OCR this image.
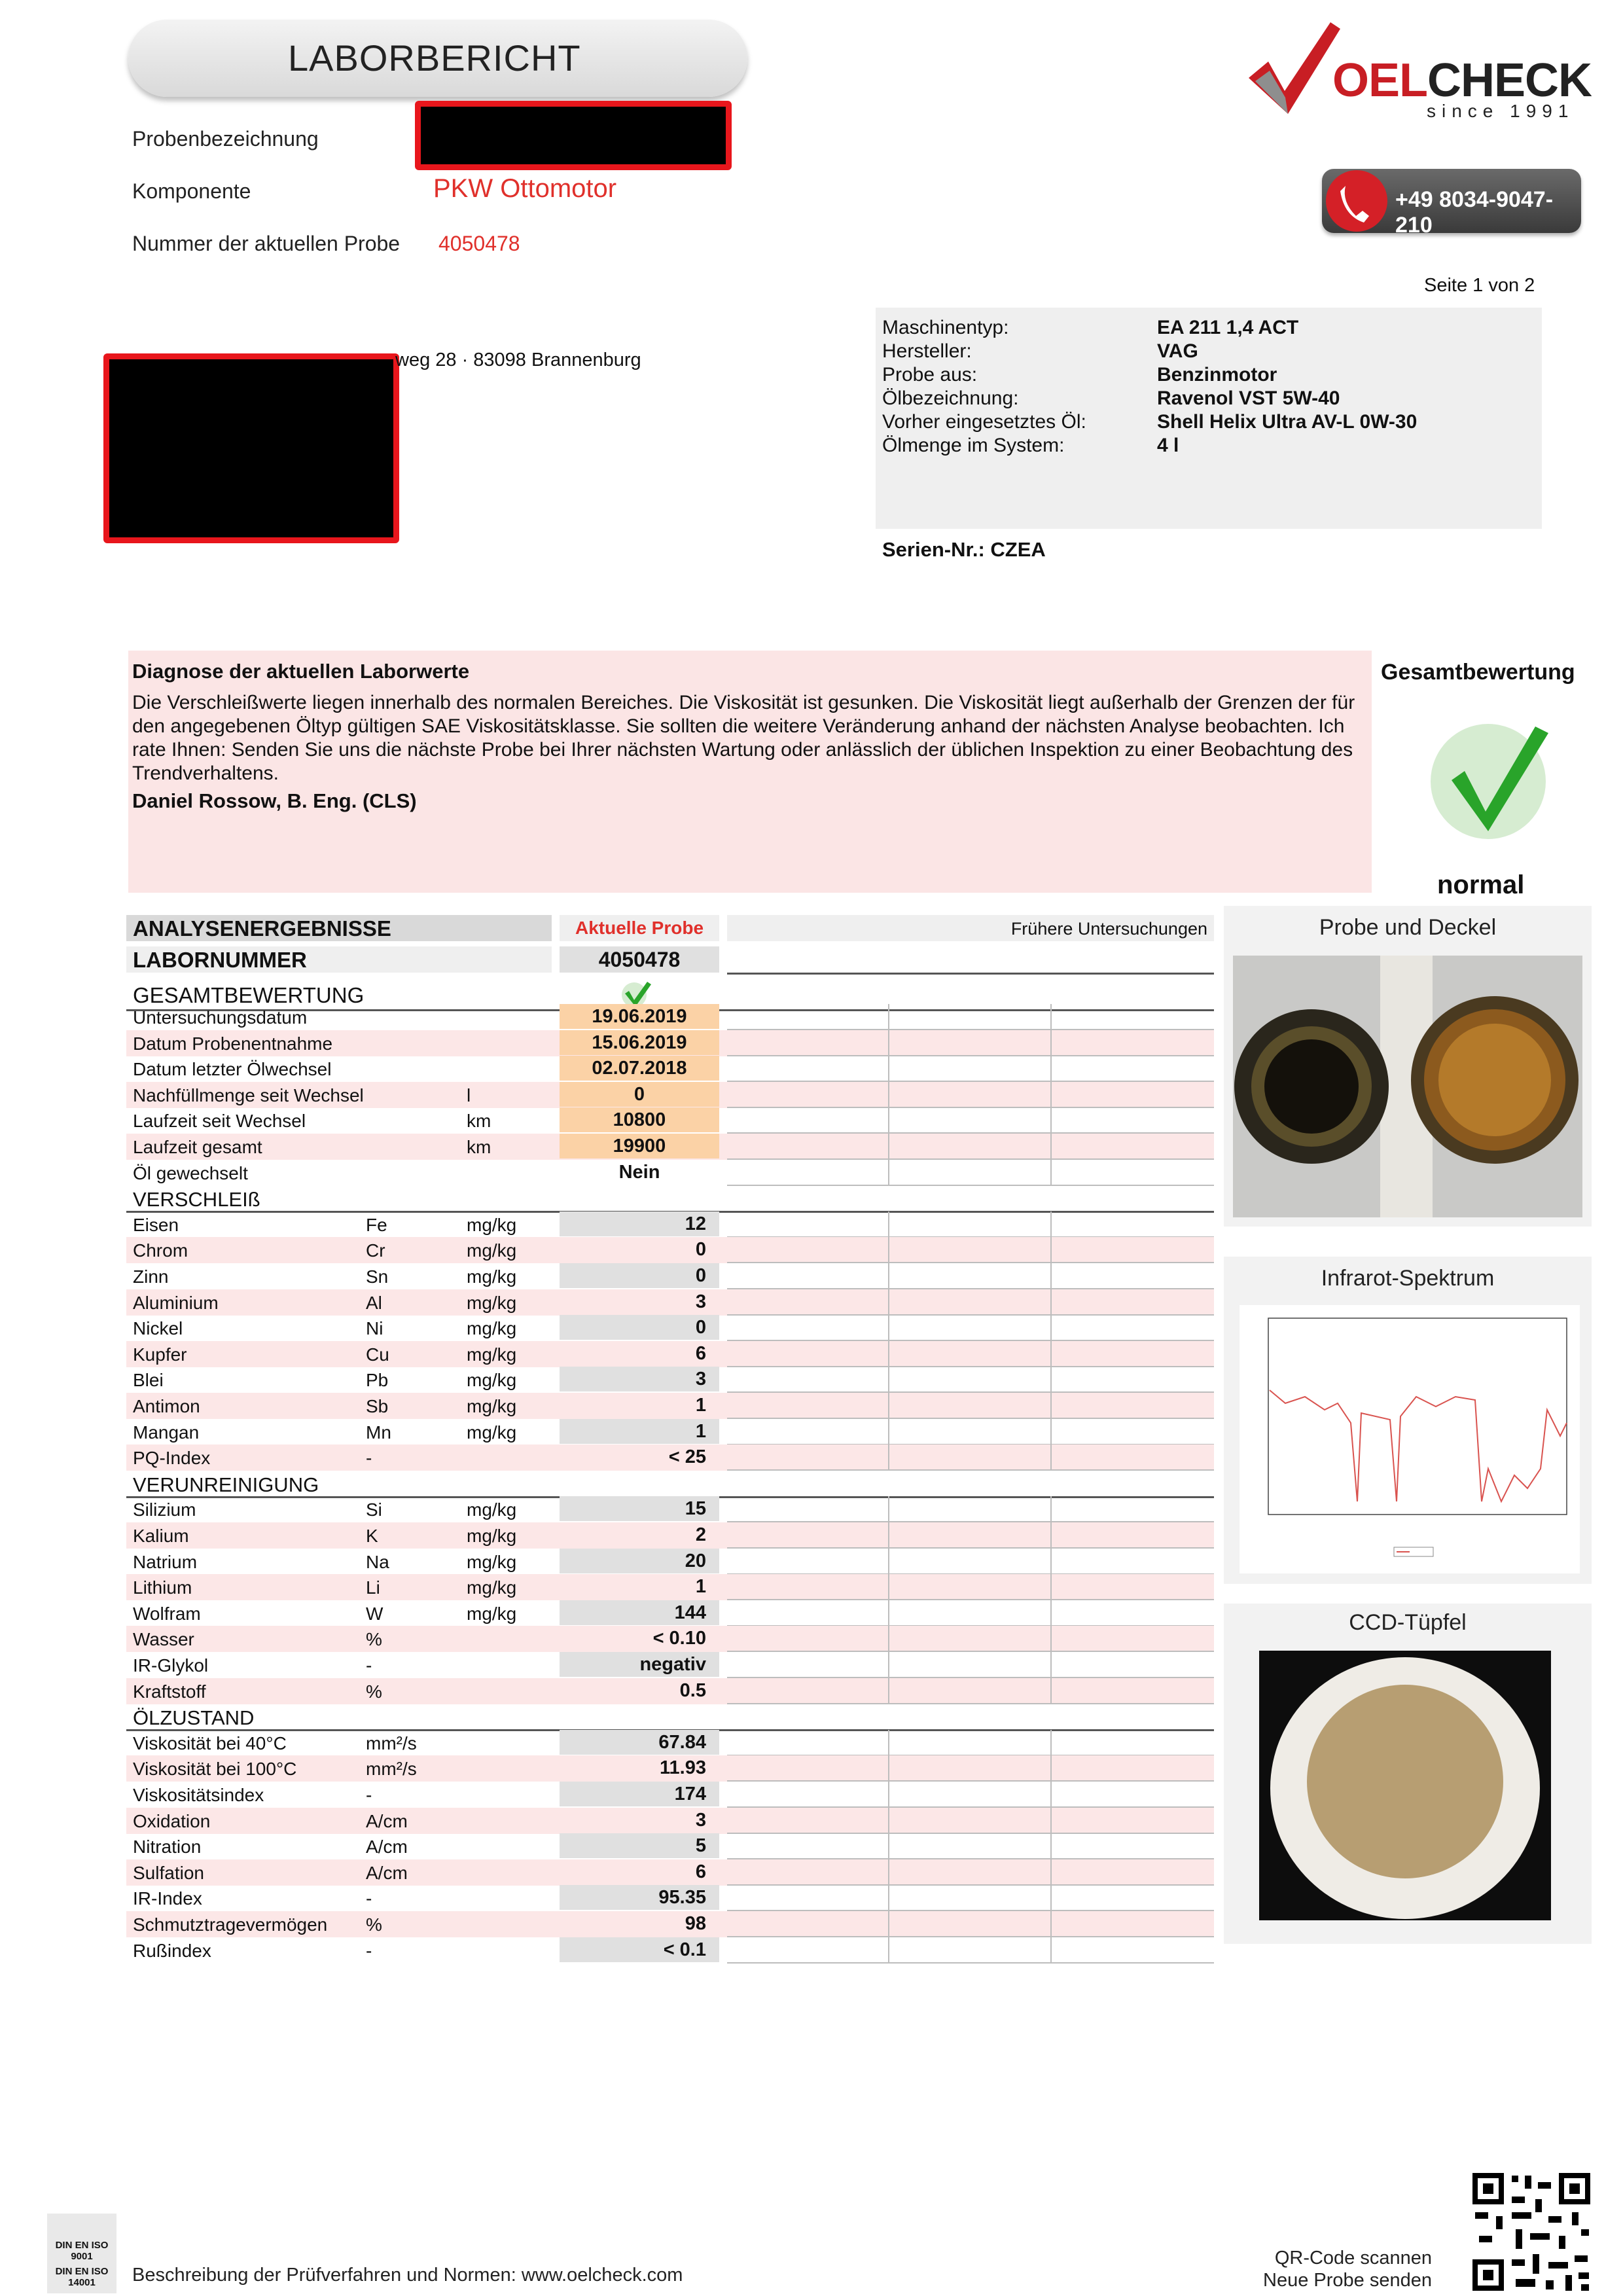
LABORBERICHT	OELCHECK
since 1991
+49 8034-9047-210
Probenbezeichnung
Komponente	PKW Ottomotor
Nummer der aktuellen Probe 4050478
Seite 1 von 2
weg 28 · 83098 Brannenburg
Maschinentyp:	EA 211 1,4 ACT
Hersteller:	VAG
Probe aus:	Benzinmotor
Ölbezeichnung:	Ravenol VST 5W-40
Vorher eingesetztes Öl:	Shell Helix Ultra AV-L 0W-30
Ölmenge im System:	4 l
Serien-Nr.: CZEA
Diagnose der aktuellen Laborwerte
Die Verschleißwerte liegen innerhalb des normalen Bereiches. Die Viskosität ist gesunken. Die Viskosität liegt außerhalb der Grenzen der für den angegebenen Öltyp gültigen SAE Viskositätsklasse. Sie sollten die weitere Veränderung anhand der nächsten Analyse beobachten. Ich rate Ihnen: Senden Sie uns die nächste Probe bei Ihrer nächsten Wartung oder anlässlich der üblichen Inspektion zu einer Beobachtung des Trendverhaltens.
Daniel Rossow, B. Eng. (CLS)
Gesamtbewertung
normal
ANALYSENERGEBNISSE	Aktuelle Probe	Frühere Untersuchungen
LABORNUMMER	4050478
GESAMTBEWERTUNG
Untersuchungsdatum	19.06.2019
Datum Probenentnahme	15.06.2019
Datum letzter Ölwechsel	02.07.2018
Nachfüllmenge seit Wechsel	l	0
Laufzeit seit Wechsel	km	10800
Laufzeit gesamt	km	19900
Öl gewechselt	Nein
VERSCHLEIß
Eisen	Fe	mg/kg	12
Chrom	Cr	mg/kg	0
Zinn	Sn	mg/kg	0
Aluminium	Al	mg/kg	3
Nickel	Ni	mg/kg	0
Kupfer	Cu	mg/kg	6
Blei	Pb	mg/kg	3
Antimon	Sb	mg/kg	1
Mangan	Mn	mg/kg	1
PQ-Index	-	< 25
VERUNREINIGUNG
Silizium	Si	mg/kg	15
Kalium	K	mg/kg	2
Natrium	Na	mg/kg	20
Lithium	Li	mg/kg	1
Wolfram	W	mg/kg	144
Wasser	%	< 0.10
IR-Glykol	-	negativ
Kraftstoff	%	0.5
ÖLZUSTAND
Viskosität bei 40°C	mm²/s	67.84
Viskosität bei 100°C	mm²/s	11.93
Viskositätsindex	-	174
Oxidation	A/cm	3
Nitration	A/cm	5
Sulfation	A/cm	6
IR-Index	-	95.35
Schmutztragevermögen %	98
Rußindex	-	< 0.1
Probe und Deckel
Infrarot-Spektrum
CCD-Tüpfel
DIN EN ISO 9001
DIN EN ISO 14001	Beschreibung der Prüfverfahren und Normen: www.oelcheck.com
QR-Code scannen
Neue Probe senden
